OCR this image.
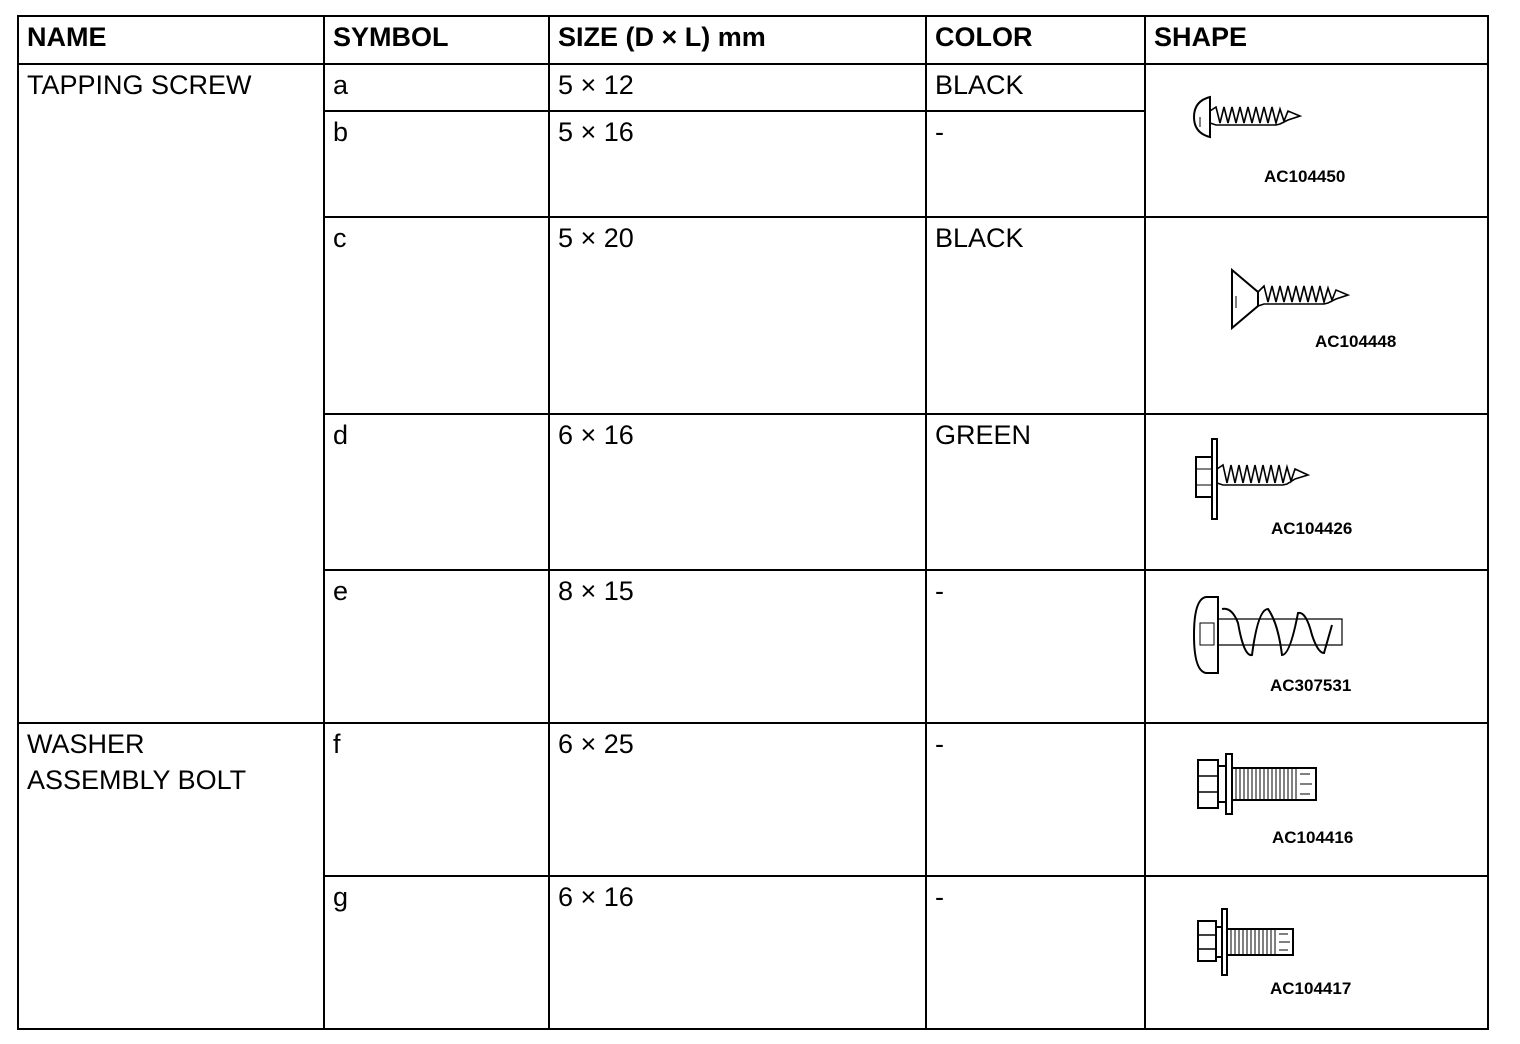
NAME	SYMBOL	SIZE (D × L) mm	COLOR	SHAPE
TAPPING SCREW	a	5 × 12	BLACK	AC104450

	b	5 × 16	-	
	c	5 × 20	BLACK	AC104448

	d	6 × 16	GREEN	AC104426

	e	8 × 15	-	AC307531

WASHER
ASSEMBLY BOLT	f	6 × 25	-	AC104416

	g	6 × 16	-	AC104417
